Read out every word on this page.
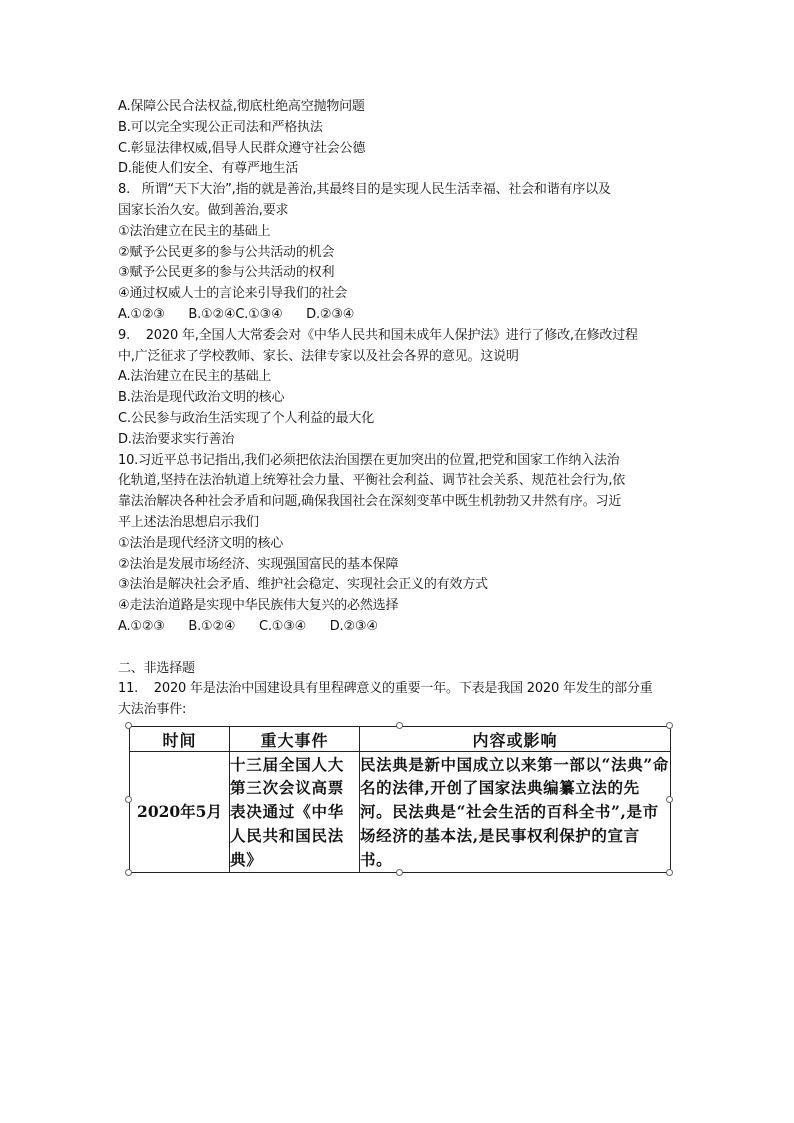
A.保障公民合法权益,彻底杜绝高空抛物问题
B.可以完全实现公正司法和严格执法
C.彰显法律权威,倡导人民群众遵守社会公德
D.能使人们安全、有尊严地生活
8.   所谓“天下大治”,指的就是善治,其最终目的是实现人民生活幸福、社会和谐有序以及
国家长治久安。做到善治,要求
①法治建立在民主的基础上
②赋予公民更多的参与公共活动的机会
③赋予公民更多的参与公共活动的权利
④通过权威人士的言论来引导我们的社会
A.①②③      B.①②④C.①③④      D.②③④
9.    2020 年,全国人大常委会对《中华人民共和国未成年人保护法》进行了修改,在修改过程
中,广泛征求了学校教师、家长、法律专家以及社会各界的意见。这说明
A.法治建立在民主的基础上
B.法治是现代政治文明的核心
C.公民参与政治生活实现了个人利益的最大化
D.法治要求实行善治
10.习近平总书记指出,我们必须把依法治国摆在更加突出的位置,把党和国家工作纳入法治
化轨道,坚持在法治轨道上统筹社会力量、平衡社会利益、调节社会关系、规范社会行为,依
靠法治解决各种社会矛盾和问题,确保我国社会在深刻变革中既生机勃勃又井然有序。习近
平上述法治思想启示我们
①法治是现代经济文明的核心
②法治是发展市场经济、实现强国富民的基本保障
③法治是解决社会矛盾、维护社会稳定、实现社会正义的有效方式
④走法治道路是实现中华民族伟大复兴的必然选择
A.①②③      B.①②④      C.①③④      D.②③④
二、非选择题
11.    2020 年是法治中国建设具有里程碑意义的重要一年。下表是我国 2020 年发生的部分重
大法治事件:
时间	重大事件	内容或影响
2020年5月	十三届全国人大第三次会议高票表决通过《中华人民共和国民法典》	民法典是新中国成立以来第一部以“法典”命名的法律,开创了国家法典编纂立法的先河。民法典是“社会生活的百科全书”,是市场经济的基本法,是民事权利保护的宣言书。
